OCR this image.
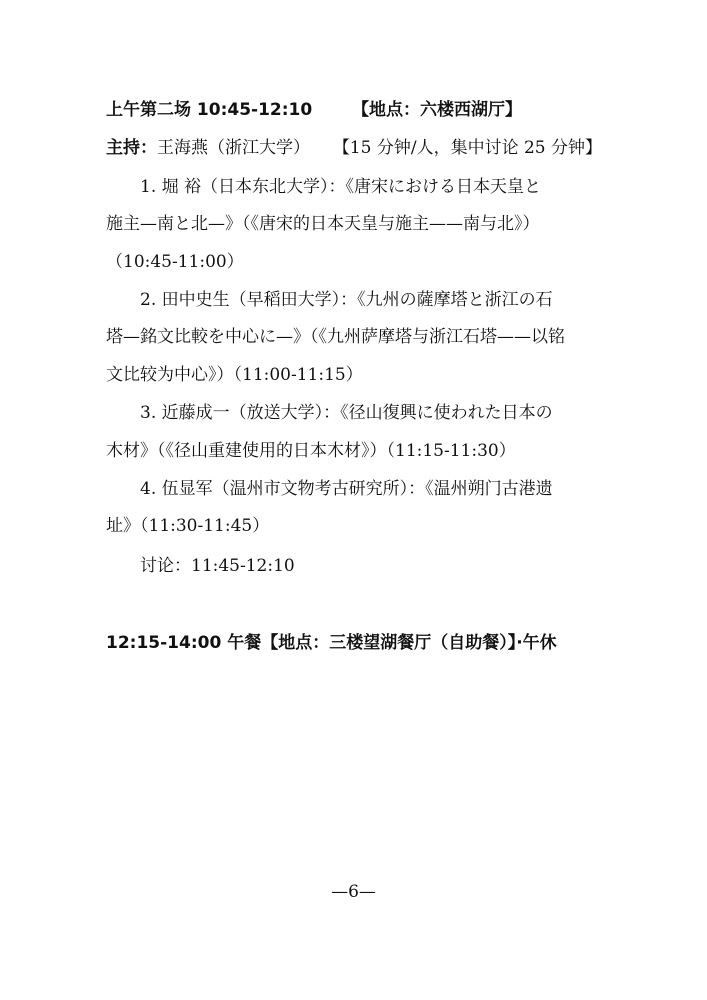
上午第二场 10:45-12:10 【地点：六楼西湖厅】
主持：王海燕（浙江大学） 【15 分钟/人，集中讨论 25 分钟】
1. 堀 裕（日本东北大学）：《唐宋における日本天皇と
施主—南と北—》（《唐宋的日本天皇与施主——南与北》）
（10:45-11:00）
2. 田中史生（早稻田大学）：《九州の薩摩塔と浙江の石
塔—銘文比較を中心に—》（《九州萨摩塔与浙江石塔——以铭
文比较为中心》）（11:00-11:15）
3. 近藤成一（放送大学）：《径山復興に使われた日本の
木材》（《径山重建使用的日本木材》）（11:15-11:30）
4. 伍显军（温州市文物考古研究所）：《温州朔门古港遗
址》（11:30-11:45）
讨论：11:45-12:10
12:15-14:00 午餐【地点：三楼望湖餐厅（自助餐）】·午休
—6—
